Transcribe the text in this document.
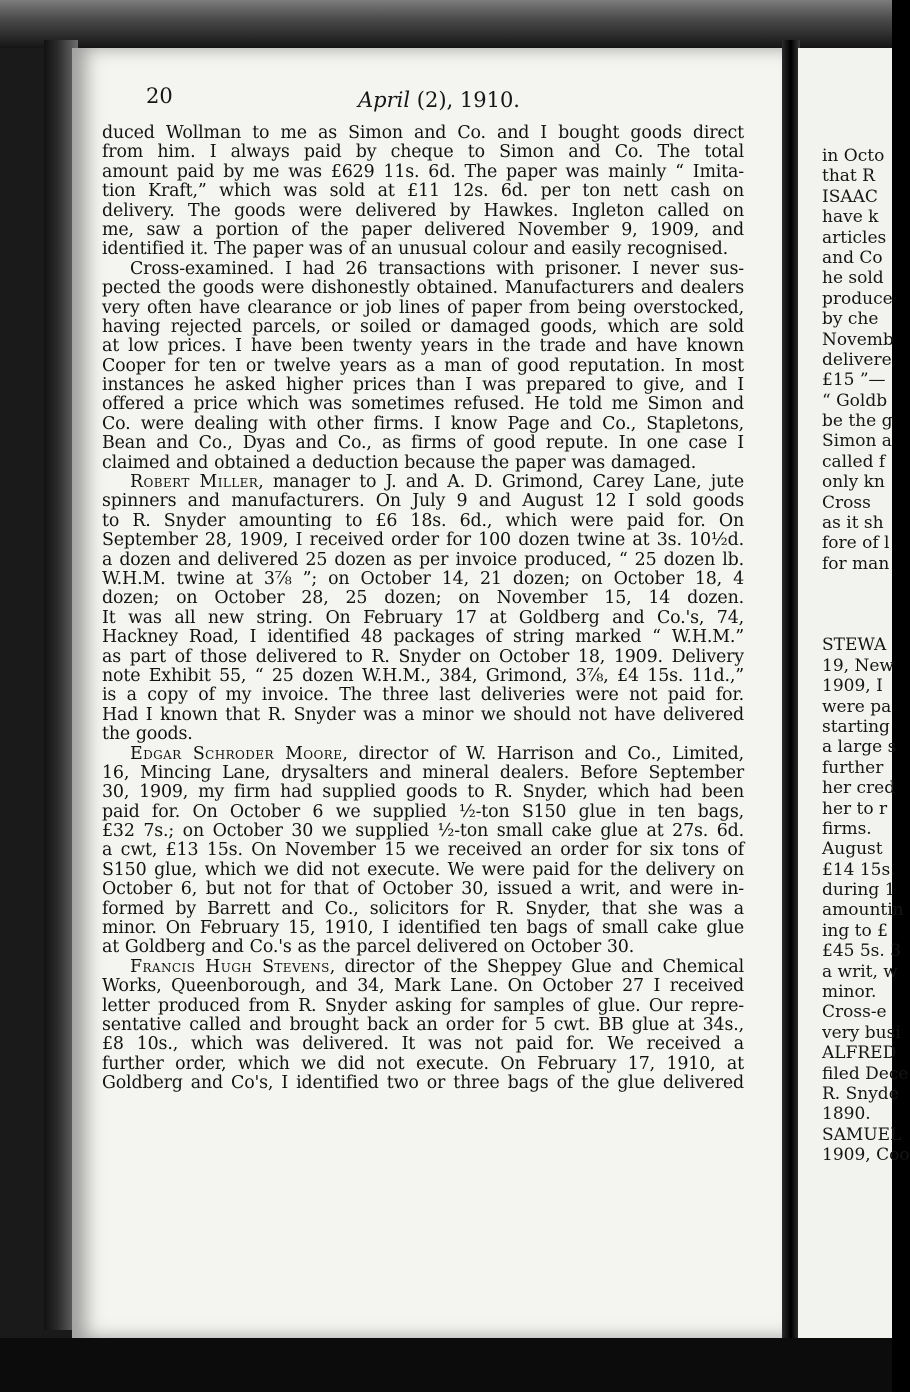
20	April (2), 1910.
duced Wollman to me as Simon and Co. and I bought goods direct
from him. I always paid by cheque to Simon and Co. The total
amount paid by me was £629 11s. 6d. The paper was mainly “ Imita-
tion Kraft,” which was sold at £11 12s. 6d. per ton nett cash on
delivery. The goods were delivered by Hawkes. Ingleton called on
me, saw a portion of the paper delivered November 9, 1909, and
identified it. The paper was of an unusual colour and easily recognised.
Cross-examined. I had 26 transactions with prisoner. I never sus-
pected the goods were dishonestly obtained. Manufacturers and dealers
very often have clearance or job lines of paper from being overstocked,
having rejected parcels, or soiled or damaged goods, which are sold
at low prices. I have been twenty years in the trade and have known
Cooper for ten or twelve years as a man of good reputation. In most
instances he asked higher prices than I was prepared to give, and I
offered a price which was sometimes refused. He told me Simon and
Co. were dealing with other firms. I know Page and Co., Stapletons,
Bean and Co., Dyas and Co., as firms of good repute. In one case I
claimed and obtained a deduction because the paper was damaged.
Robert Miller, manager to J. and A. D. Grimond, Carey Lane, jute
spinners and manufacturers. On July 9 and August 12 I sold goods
to R. Snyder amounting to £6 18s. 6d., which were paid for. On
September 28, 1909, I received order for 100 dozen twine at 3s. 10½d.
a dozen and delivered 25 dozen as per invoice produced, “ 25 dozen lb.
W.H.M. twine at 3⅞ ”; on October 14, 21 dozen; on October 18, 4
dozen; on October 28, 25 dozen; on November 15, 14 dozen.
It was all new string. On February 17 at Goldberg and Co.'s, 74,
Hackney Road, I identified 48 packages of string marked “ W.H.M.”
as part of those delivered to R. Snyder on October 18, 1909. Delivery
note Exhibit 55, “ 25 dozen W.H.M., 384, Grimond, 3⅞, £4 15s. 11d.,”
is a copy of my invoice. The three last deliveries were not paid for.
Had I known that R. Snyder was a minor we should not have delivered
the goods.
Edgar Schroder Moore, director of W. Harrison and Co., Limited,
16, Mincing Lane, drysalters and mineral dealers. Before September
30, 1909, my firm had supplied goods to R. Snyder, which had been
paid for. On October 6 we supplied ½-ton S150 glue in ten bags,
£32 7s.; on October 30 we supplied ½-ton small cake glue at 27s. 6d.
a cwt, £13 15s. On November 15 we received an order for six tons of
S150 glue, which we did not execute. We were paid for the delivery on
October 6, but not for that of October 30, issued a writ, and were in-
formed by Barrett and Co., solicitors for R. Snyder, that she was a
minor. On February 15, 1910, I identified ten bags of small cake glue
at Goldberg and Co.'s as the parcel delivered on October 30.
Francis Hugh Stevens, director of the Sheppey Glue and Chemical
Works, Queenborough, and 34, Mark Lane. On October 27 I received
letter produced from R. Snyder asking for samples of glue. Our repre-
sentative called and brought back an order for 5 cwt. BB glue at 34s.,
£8 10s., which was delivered. It was not paid for. We received a
further order, which we did not execute. On February 17, 1910, at
Goldberg and Co's, I identified two or three bags of the glue delivered
in Octo
that R
ISAAC
have k
articles
and Co
he sold
produce
by che
Novemb
delivere
£15 ”—
“ Goldb
be the g
Simon a
called f
only kn
Cross
as it sh
fore of l
for man
STEWA
19, New
1909, I
were pa
starting
a large s
further
her cred
her to r
firms.
August
£14 15s.
during 1
amountin
ing to £
£45 5s. 3
a writ, w
minor.
Cross-e
very busi
ALFRED
filed Dece
R. Snyde
1890.
SAMUEL
1909, Coo
